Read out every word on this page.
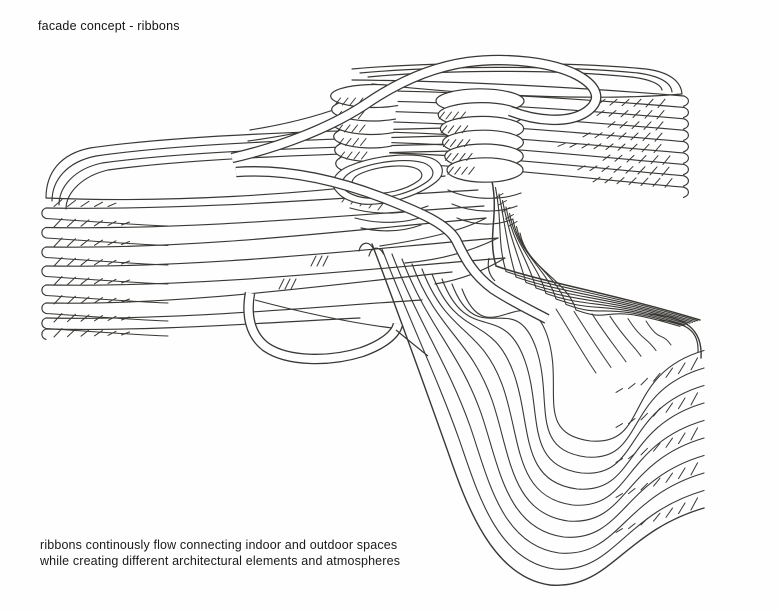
facade concept - ribbons
ribbons continously flow connecting indoor and outdoor spaces
while creating different architectural elements and atmospheres
